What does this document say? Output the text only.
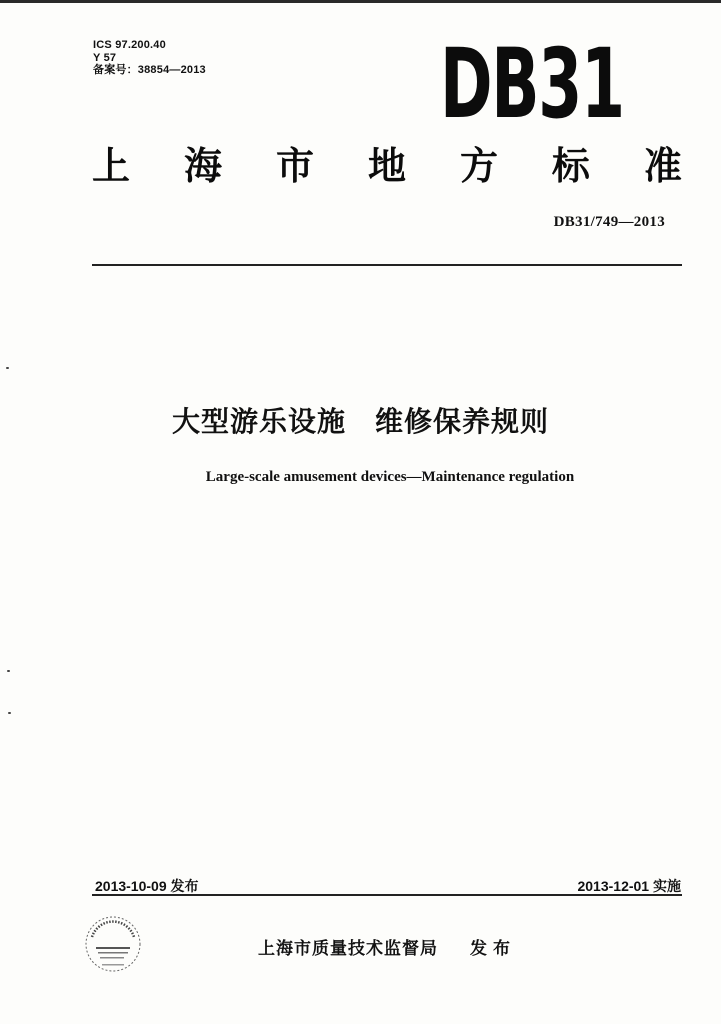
ICS 97.200.40
Y 57
备案号：38854—2013 DB31
上 海 市 地 方 标 准
DB31/749—2013
大型游乐设施　维修保养规则
Large-scale amusement devices—Maintenance regulation
2013-10-09 发布	2013-12-01 实施
上海市质量技术监督局 发布
